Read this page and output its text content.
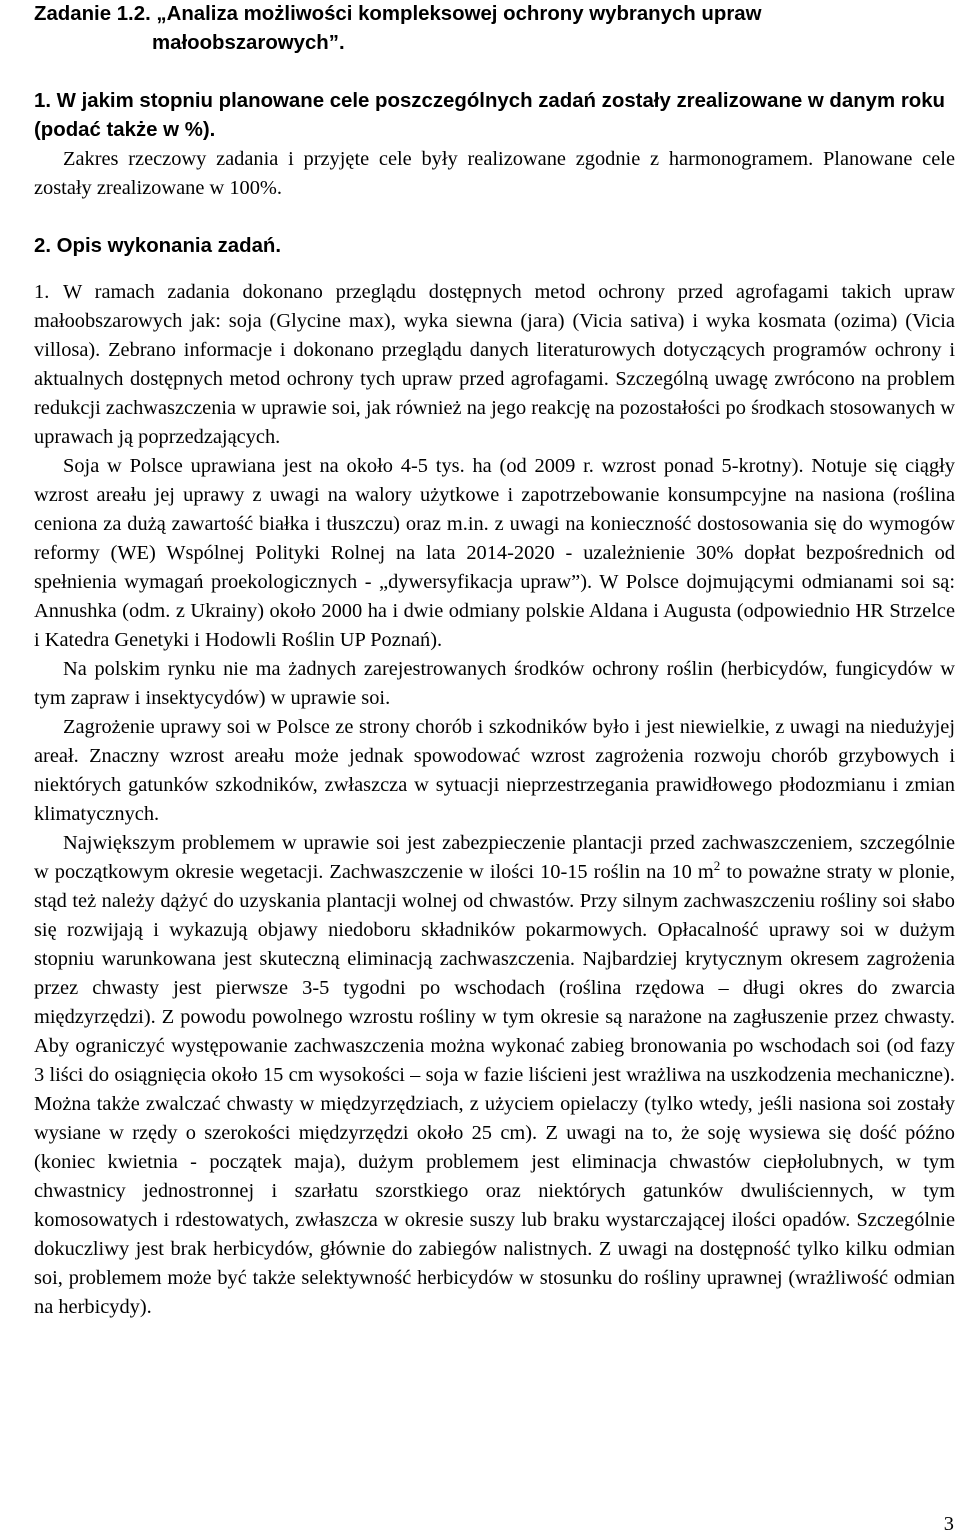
Zadanie 1.2. „Analiza możliwości kompleksowej ochrony wybranych upraw
małoobszarowych”.
1. W jakim stopniu planowane cele poszczególnych zadań zostały zrealizowane w danym roku (podać także w %).

Zakres rzeczowy zadania i przyjęte cele były realizowane zgodnie z harmonogramem. Planowane cele zostały zrealizowane w 100%.

2. Opis wykonania zadań.

1. W ramach zadania dokonano przeglądu dostępnych metod ochrony przed agrofagami takich upraw małoobszarowych jak: soja (Glycine max), wyka siewna (jara) (Vicia sativa) i wyka kosmata (ozima) (Vicia villosa). Zebrano informacje i dokonano przeglądu danych literaturowych dotyczących programów ochrony i aktualnych dostępnych metod ochrony tych upraw przed agrofagami. Szczególną uwagę zwrócono na problem redukcji zachwaszczenia w uprawie soi, jak również na jego reakcję na pozostałości po środkach stosowanych w uprawach ją poprzedzających.

Soja w Polsce uprawiana jest na około 4-5 tys. ha (od 2009 r. wzrost ponad 5-krotny). Notuje się ciągły wzrost areału jej uprawy z uwagi na walory użytkowe i zapotrzebowanie konsumpcyjne na nasiona (roślina ceniona za dużą zawartość białka i tłuszczu) oraz m.in. z uwagi na konieczność dostosowania się do wymogów reformy (WE) Wspólnej Polityki Rolnej na lata 2014-2020 - uzależnienie 30% dopłat bezpośrednich od spełnienia wymagań proekologicznych - „dywersyfikacja upraw”). W Polsce dojmującymi odmianami soi są: Annushka (odm. z Ukrainy) około 2000 ha i dwie odmiany polskie Aldana i Augusta (odpowiednio HR Strzelce i Katedra Genetyki i Hodowli Roślin UP Poznań).

Na polskim rynku nie ma żadnych zarejestrowanych środków ochrony roślin (herbicydów, fungicydów w tym zapraw i insektycydów) w uprawie soi.

Zagrożenie uprawy soi w Polsce ze strony chorób i szkodników było i jest niewielkie, z uwagi na niedużyjej areał. Znaczny wzrost areału może jednak spowodować wzrost zagrożenia rozwoju chorób grzybowych i niektórych gatunków szkodników, zwłaszcza w sytuacji nieprzestrzegania prawidłowego płodozmianu i zmian klimatycznych.

Największym problemem w uprawie soi jest zabezpieczenie plantacji przed zachwaszczeniem, szczególnie w początkowym okresie wegetacji. Zachwaszczenie w ilości 10-15 roślin na 10 $m^2$ to poważne straty w plonie, stąd też należy dążyć do uzyskania plantacji wolnej od chwastów. Przy silnym zachwaszczeniu rośliny soi słabo się rozwijają i wykazują objawy niedoboru składników pokarmowych. Opłacalność uprawy soi w dużym stopniu warunkowana jest skuteczną eliminacją zachwaszczenia. Najbardziej krytycznym okresem zagrożenia przez chwasty jest pierwsze 3-5 tygodni po wschodach (roślina rzędowa – długi okres do zwarcia międzyrzędzi). Z powodu powolnego wzrostu rośliny w tym okresie są narażone na zagłuszenie przez chwasty. Aby ograniczyć występowanie zachwaszczenia można wykonać zabieg bronowania po wschodach soi (od fazy 3 liści do osiągnięcia około 15 cm wysokości – soja w fazie liścieni jest wrażliwa na uszkodzenia mechaniczne). Można także zwalczać chwasty w międzyrzędziach, z użyciem opielaczy (tylko wtedy, jeśli nasiona soi zostały wysiane w rzędy o szerokości międzyrzędzi około 25 cm). Z uwagi na to, że soję wysiewa się dość późno (koniec kwietnia - początek maja), dużym problemem jest eliminacja chwastów ciepłolubnych, w tym chwastnicy jednostronnej i szarłatu szorstkiego oraz niektórych gatunków dwuliściennych, w tym komosowatych i rdestowatych, zwłaszcza w okresie suszy lub braku wystarczającej ilości opadów. Szczególnie dokuczliwy jest brak herbicydów, głównie do zabiegów nalistnych. Z uwagi na dostępność tylko kilku odmian soi, problemem może być także selektywność herbicydów w stosunku do rośliny uprawnej (wrażliwość odmian na herbicydy).

3
